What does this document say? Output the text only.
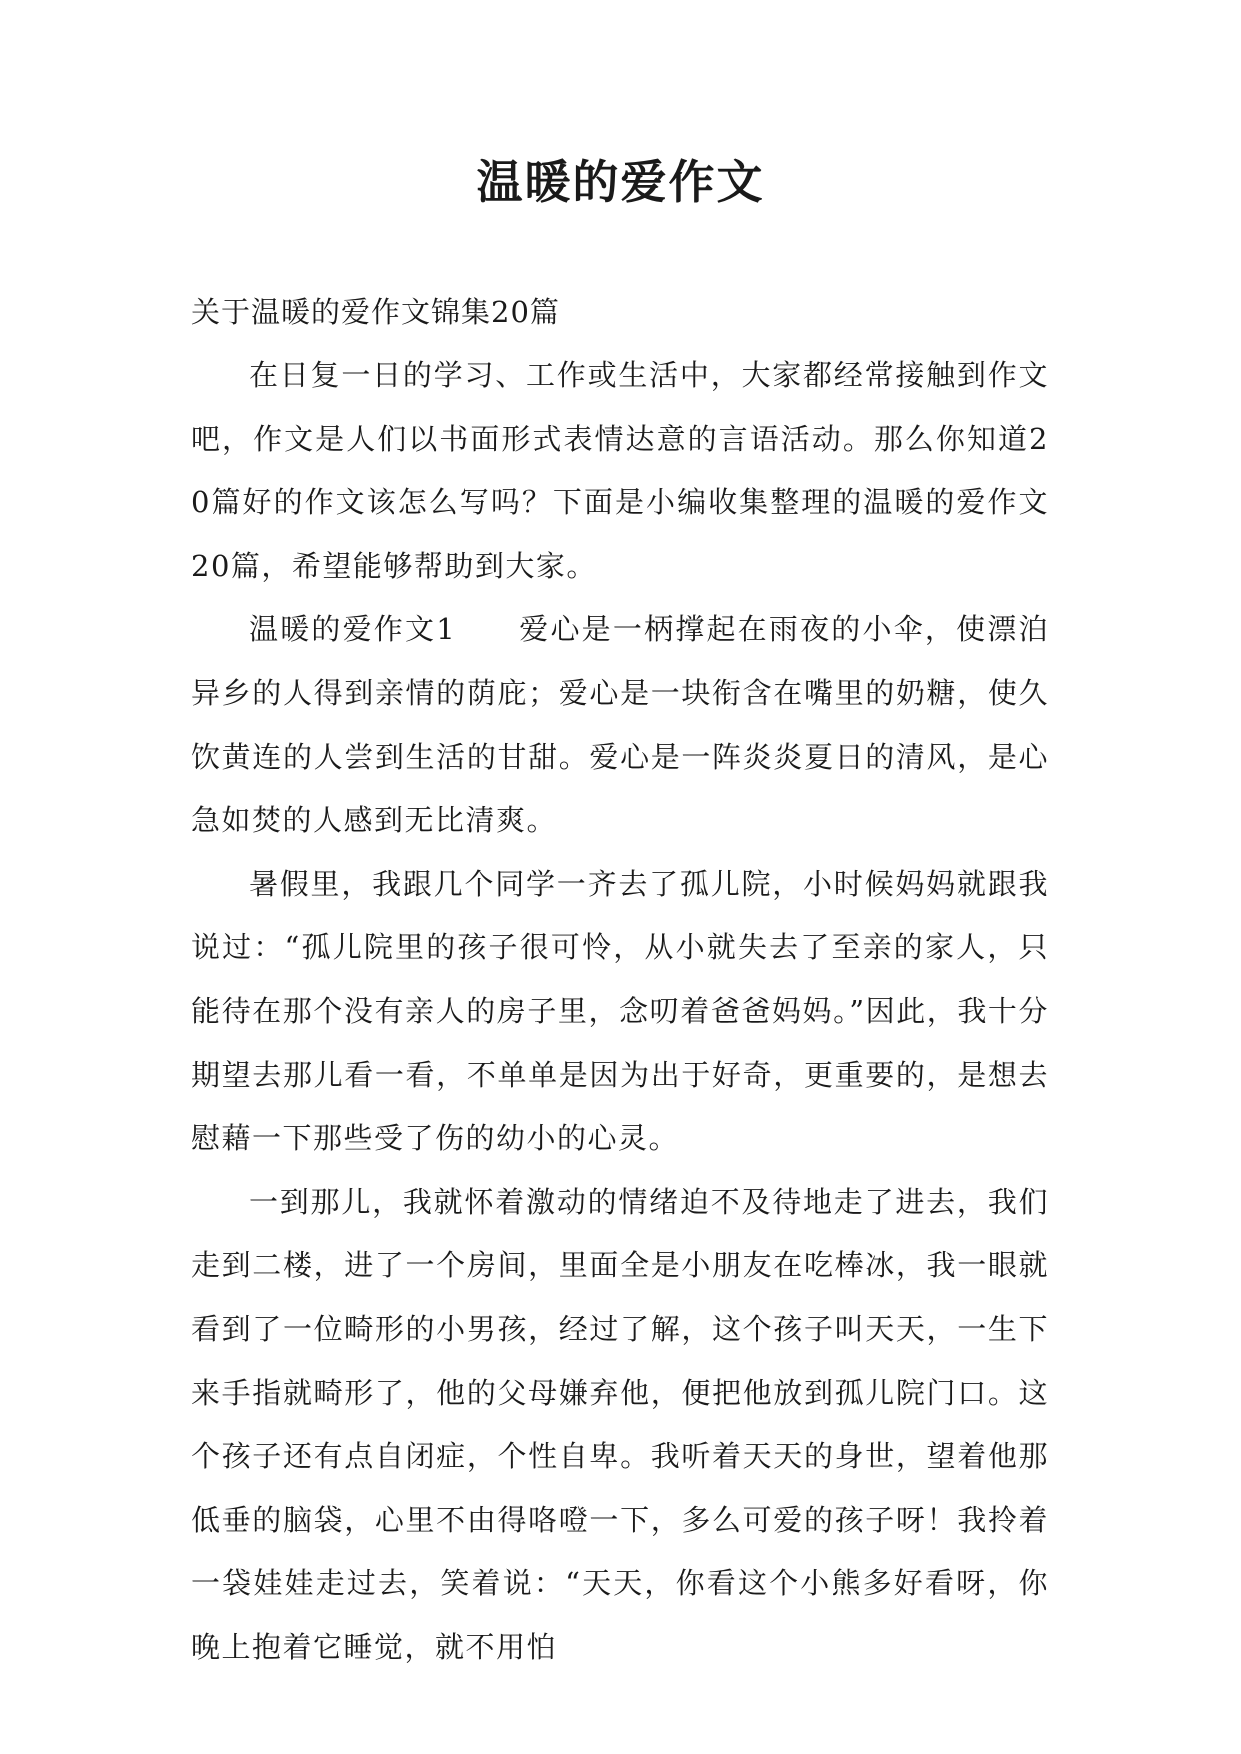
温暖的爱作文
关于温暖的爱作文锦集20篇

在日复一日的学习、工作或生活中，大家都经常接触到作文吧，作文是人们以书面形式表情达意的言语活动。那么你知道20篇好的作文该怎么写吗？下面是小编收集整理的温暖的爱作文20篇，希望能够帮助到大家。

温暖的爱作文1　　爱心是一柄撑起在雨夜的小伞，使漂泊异乡的人得到亲情的荫庇；爱心是一块衔含在嘴里的奶糖，使久饮黄连的人尝到生活的甘甜。爱心是一阵炎炎夏日的清风，是心急如焚的人感到无比清爽。

暑假里，我跟几个同学一齐去了孤儿院，小时候妈妈就跟我说过：“孤儿院里的孩子很可怜，从小就失去了至亲的家人，只能待在那个没有亲人的房子里，念叨着爸爸妈妈。”因此，我十分期望去那儿看一看，不单单是因为出于好奇，更重要的，是想去慰藉一下那些受了伤的幼小的心灵。

一到那儿，我就怀着激动的情绪迫不及待地走了进去，我们走到二楼，进了一个房间，里面全是小朋友在吃棒冰，我一眼就看到了一位畸形的小男孩，经过了解，这个孩子叫天天，一生下来手指就畸形了，他的父母嫌弃他，便把他放到孤儿院门口。这个孩子还有点自闭症，个性自卑。我听着天天的身世，望着他那低垂的脑袋，心里不由得咯噔一下，多么可爱的孩子呀！我拎着一袋娃娃走过去，笑着说：“天天，你看这个小熊多好看呀，你晚上抱着它睡觉，就不用怕
